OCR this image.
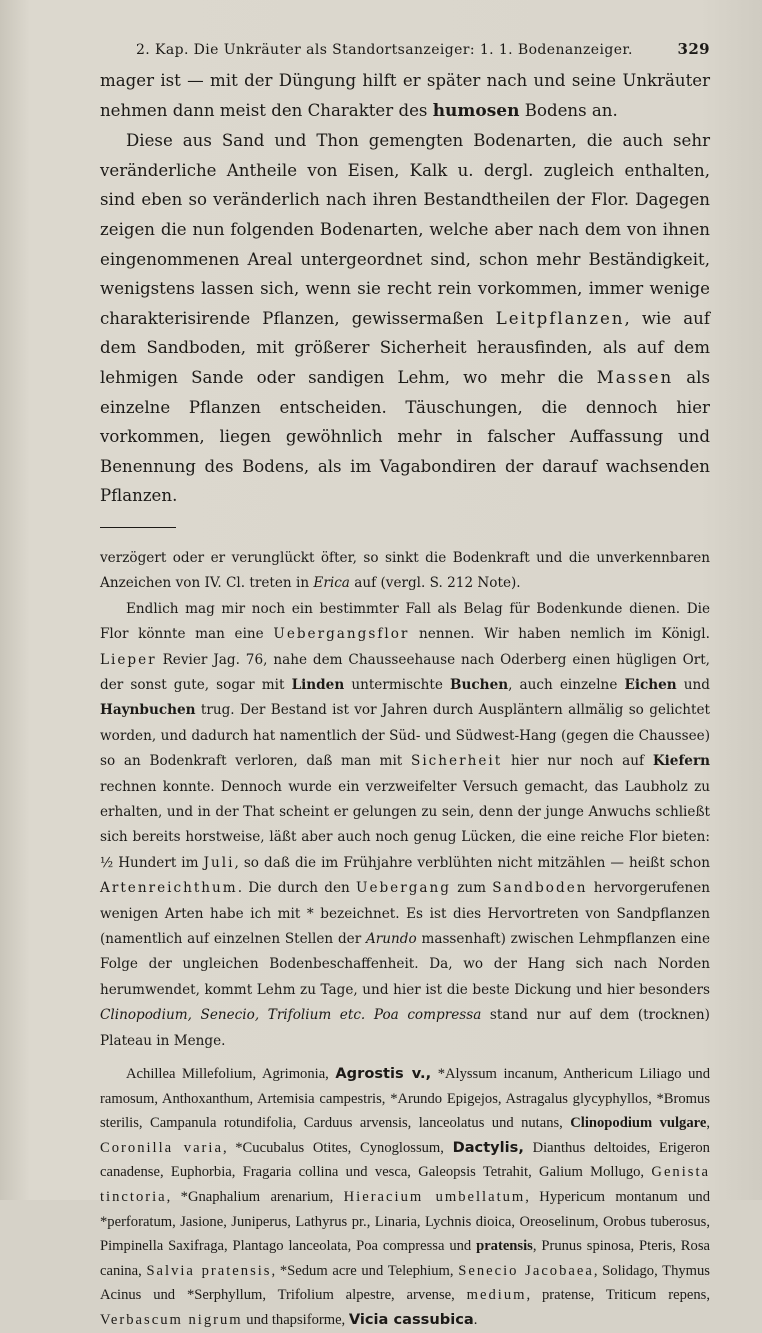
2. Kap. Die Unkräuter als Standortsanzeiger: 1. 1. Bodenanzeiger.	329

mager ist — mit der Düngung hilft er später nach und seine Unkräuter nehmen dann meist den Charakter des humosen Bodens an.

Diese aus Sand und Thon gemengten Bodenarten, die auch sehr veränderliche Antheile von Eisen, Kalk u. dergl. zugleich enthalten, sind eben so veränderlich nach ihren Bestandtheilen der Flor. Dagegen zeigen die nun folgenden Bodenarten, welche aber nach dem von ihnen eingenommenen Areal untergeordnet sind, schon mehr Beständigkeit, wenigstens lassen sich, wenn sie recht rein vorkommen, immer wenige charakterisirende Pflanzen, gewissermaßen Leitpflanzen, wie auf dem Sandboden, mit größerer Sicherheit herausfinden, als auf dem lehmigen Sande oder sandigen Lehm, wo mehr die Massen als einzelne Pflanzen entscheiden. Täuschungen, die dennoch hier vorkommen, liegen gewöhnlich mehr in falscher Auffassung und Benennung des Bodens, als im Vagabondiren der darauf wachsenden Pflanzen.

verzögert oder er verunglückt öfter, so sinkt die Bodenkraft und die unverkennbaren Anzeichen von IV. Cl. treten in Erica auf (vergl. S. 212 Note).

Endlich mag mir noch ein bestimmter Fall als Belag für Bodenkunde dienen. Die Flor könnte man eine Uebergangsflor nennen. Wir haben nemlich im Königl. Lieper Revier Jag. 76, nahe dem Chausseehause nach Oderberg einen hügligen Ort, der sonst gute, sogar mit Linden untermischte Buchen, auch einzelne Eichen und Haynbuchen trug. Der Bestand ist vor Jahren durch Auspläntern allmälig so gelichtet worden, und dadurch hat namentlich der Süd- und Südwest-Hang (gegen die Chaussee) so an Bodenkraft verloren, daß man mit Sicherheit hier nur noch auf Kiefern rechnen konnte. Dennoch wurde ein verzweifelter Versuch gemacht, das Laubholz zu erhalten, und in der That scheint er gelungen zu sein, denn der junge Anwuchs schließt sich bereits horstweise, läßt aber auch noch genug Lücken, die eine reiche Flor bieten: ½ Hundert im Juli, so daß die im Frühjahre verblühten nicht mitzählen — heißt schon Artenreichthum. Die durch den Uebergang zum Sandboden hervorgerufenen wenigen Arten habe ich mit * bezeichnet. Es ist dies Hervortreten von Sandpflanzen (namentlich auf einzelnen Stellen der Arundo massenhaft) zwischen Lehmpflanzen eine Folge der ungleichen Bodenbeschaffenheit. Da, wo der Hang sich nach Norden herumwendet, kommt Lehm zu Tage, und hier ist die beste Dickung und hier besonders Clinopodium, Senecio, Trifolium etc. Poa compressa stand nur auf dem (trocknen) Plateau in Menge.

Achillea Millefolium, Agrimonia, Agrostis v., *Alyssum incanum, Anthericum Liliago und ramosum, Anthoxanthum, Artemisia campestris, *Arundo Epigejos, Astragalus glycyphyllos, *Bromus sterilis, Campanula rotundifolia, Carduus arvensis, lanceolatus und nutans, Clinopodium vulgare, Coronilla varia, *Cucubalus Otites, Cynoglossum, Dactylis, Dianthus deltoides, Erigeron canadense, Euphorbia, Fragaria collina und vesca, Galeopsis Tetrahit, Galium Mollugo, Genista tinctoria, *Gnaphalium arenarium, Hieracium umbellatum, Hypericum montanum und *perforatum, Jasione, Juniperus, Lathyrus pr., Linaria, Lychnis dioica, Oreoselinum, Orobus tuberosus, Pimpinella Saxifraga, Plantago lanceolata, Poa compressa und pratensis, Prunus spinosa, Pteris, Rosa canina, Salvia pratensis, *Sedum acre und Telephium, Senecio Jacobaea, Solidago, Thymus Acinus und *Serphyllum, Trifolium alpestre, arvense, medium, pratense, Triticum repens, Verbascum nigrum und thapsiforme, Vicia cassubica.
